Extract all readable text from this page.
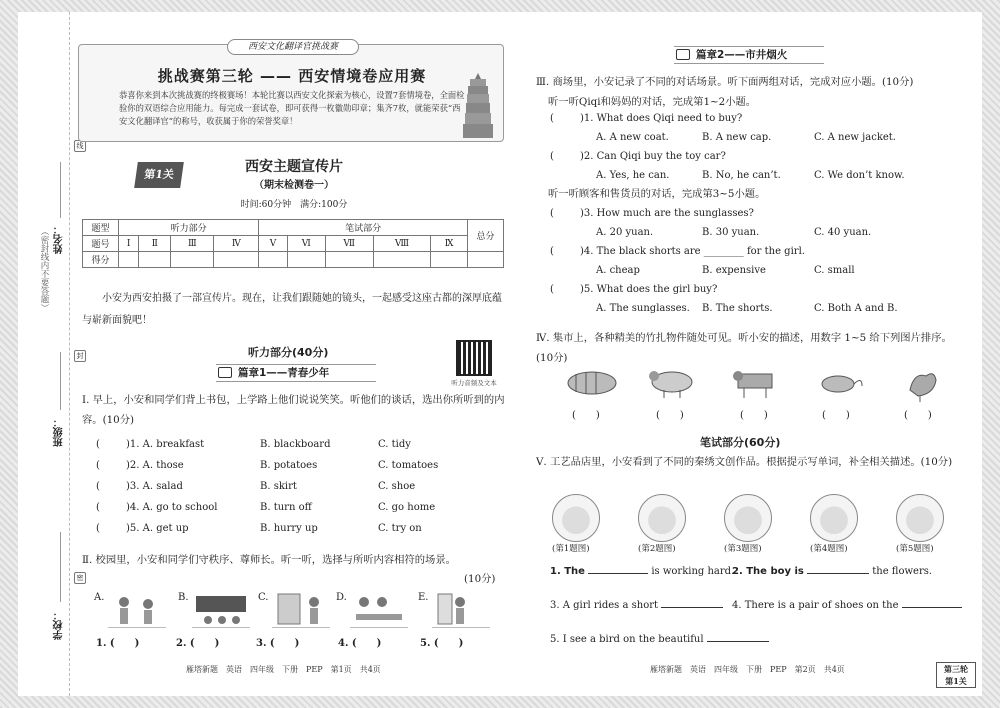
姓名：
班级：
学校：
（密封线内不要答题）
线
封
密
西安文化翻译官挑战赛
挑战赛第三轮 —— 西安情境卷应用赛
恭喜你来到本次挑战赛的终极赛场！本轮比赛以西安文化探索为核心，设置7套情境卷，全面检验你的双语综合应用能力。每完成一套试卷，即可获得一枚徽勋印章；集齐7枚，就能荣获“西安文化翻译官”的称号，收获属于你的荣誉奖章！
第1关	西安主题宣传片
（期末检测卷一）
时间:60分钟　满分:100分
题型	听力部分				笔试部分					总分
题号	Ⅰ	Ⅱ	Ⅲ	Ⅳ	Ⅴ	Ⅵ	Ⅶ	Ⅷ	Ⅸ	
得分										
小安为西安拍摄了一部宣传片。现在，让我们跟随她的镜头，一起感受这座古都的深厚底蕴与崭新面貌吧！
听力部分(40分)
听力音频及文本
篇章1——青春少年
Ⅰ. 早上，小安和同学们背上书包，上学路上他们说说笑笑。听他们的谈话，选出你所听到的内容。(10分)
(	)1. A. breakfast	B. blackboard	C. tidy
(	)2. A. those	B. potatoes	C. tomatoes
(	)3. A. salad	B. skirt	C. shoe
(	)4. A. go to school	B. turn off	C. go home
(	)5. A. get up	B. hurry up	C. try on
Ⅱ. 校园里，小安和同学们守秩序、尊师长。听一听，选择与所听内容相符的场景。
(10分)
A.	B.	C.	D.	E.
1. (　　)	2. (　　)	3. (　　)	4. (　　)	5. (　　)
雁塔新题　英语　四年级　下册　PEP　第1页　共4页
篇章2——市井烟火
Ⅲ. 商场里，小安记录了不同的对话场景。听下面两组对话，完成对应小题。(10分)
听一听Qiqi和妈妈的对话，完成第1~2小题。
(	)1. What does Qiqi need to buy?
A. A new coat.	B. A new cap.	C. A new jacket.
(	)2. Can Qiqi buy the toy car?
A. Yes, he can.	B. No, he can’t.	C. We don’t know.
听一听顾客和售货员的对话，完成第3~5小题。
(	)3. How much are the sunglasses?
A. 20 yuan.	B. 30 yuan.	C. 40 yuan.
(	)4. The black shorts are ________ for the girl.
A. cheap	B. expensive	C. small
(	)5. What does the girl buy?
A. The sunglasses. B. The shorts.	C. Both A and B.
Ⅳ. 集市上，各种精美的竹扎物件随处可见。听小安的描述，用数字 1~5 给下列图片排序。(10分)
(　　)	(　　)	(　　)	(　　)	(　　)
笔试部分(60分)
Ⅴ. 工艺品店里，小安看到了不同的秦绣文创作品。根据提示写单词，补全相关描述。(10分)
(第1题图)	(第2题图)	(第3题图)	(第4题图)	(第5题图)
1. The	is working hard.
2. The boy is	the flowers.
3. A girl rides a short	4. There is a pair of shoes on the
5. I see a bird on the beautiful
雁塔新题　英语　四年级　下册　PEP　第2页　共4页	第三轮
第1关
